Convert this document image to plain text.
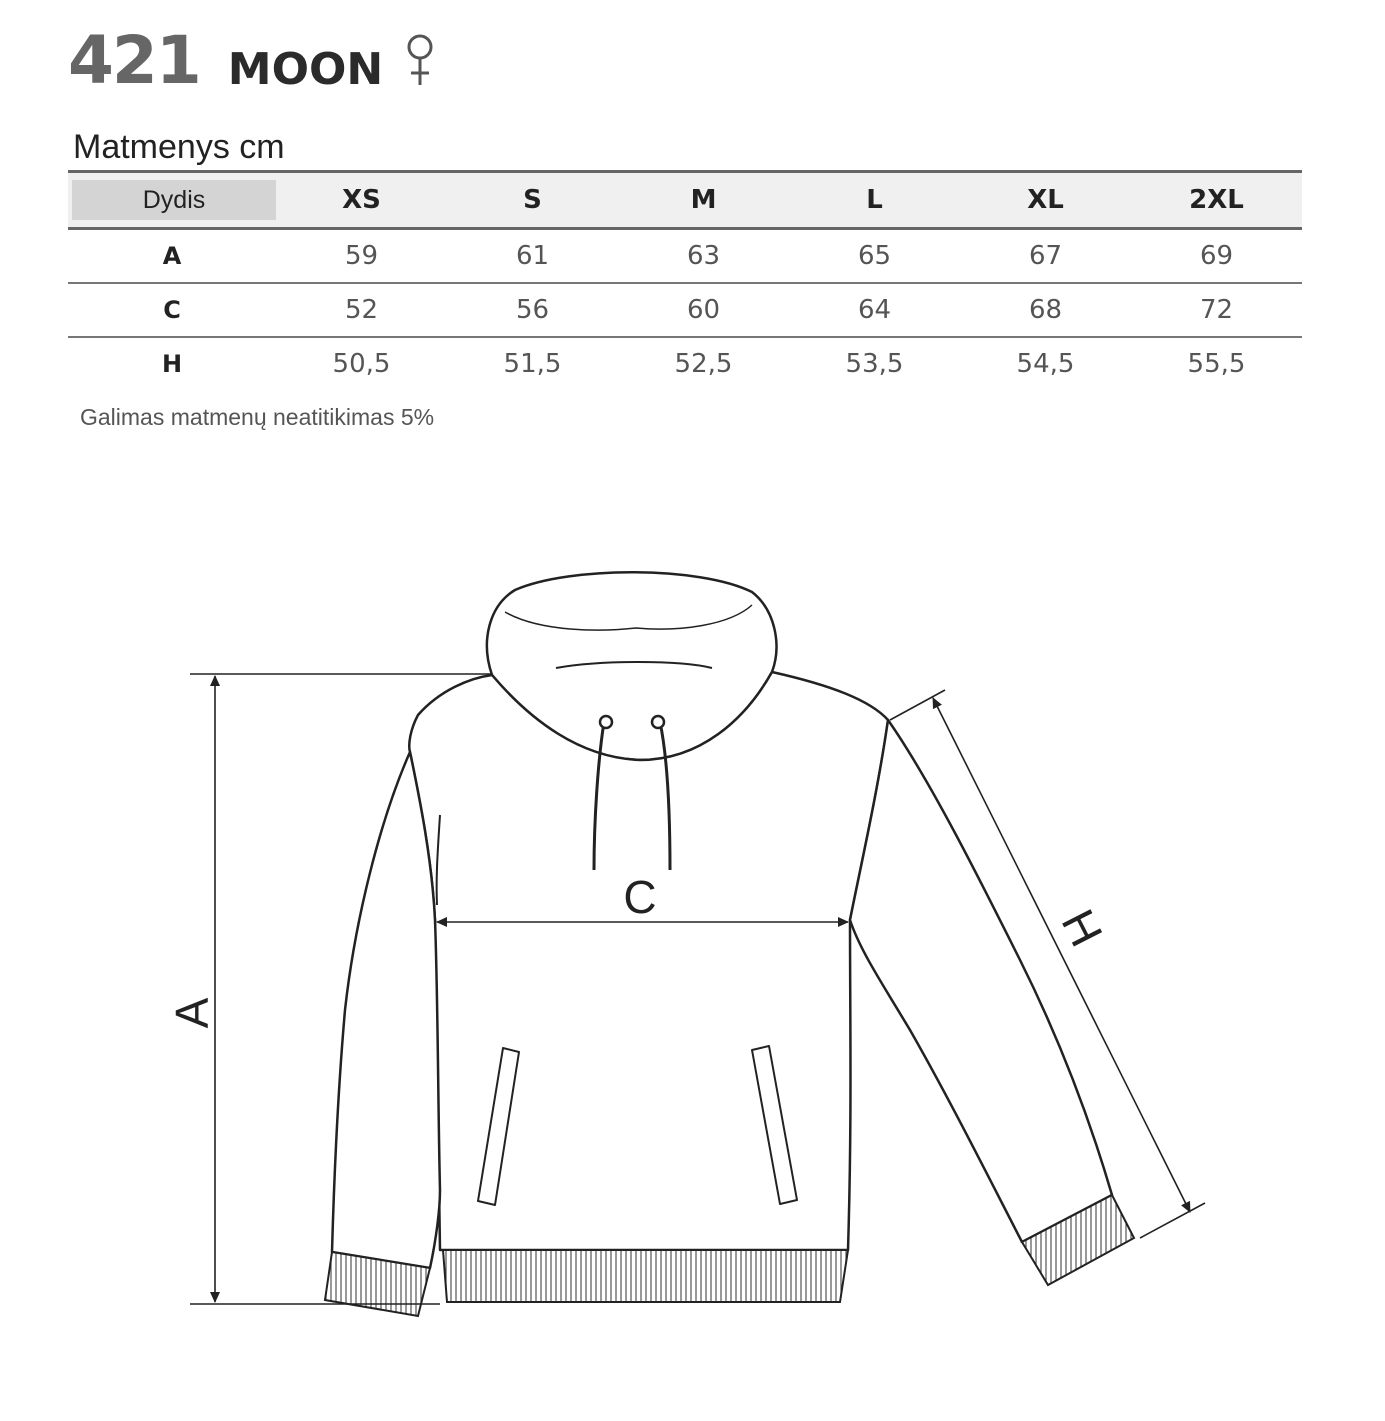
421 MOON
Matmenys cm
Dydis	XS	S	M	L	XL	2XL
A	59	61	63	65	67	69
C	52	56	60	64	68	72
H	50,5	51,5	52,5	53,5	54,5	55,5
Galimas matmenų neatitikimas 5%
A
C
H
